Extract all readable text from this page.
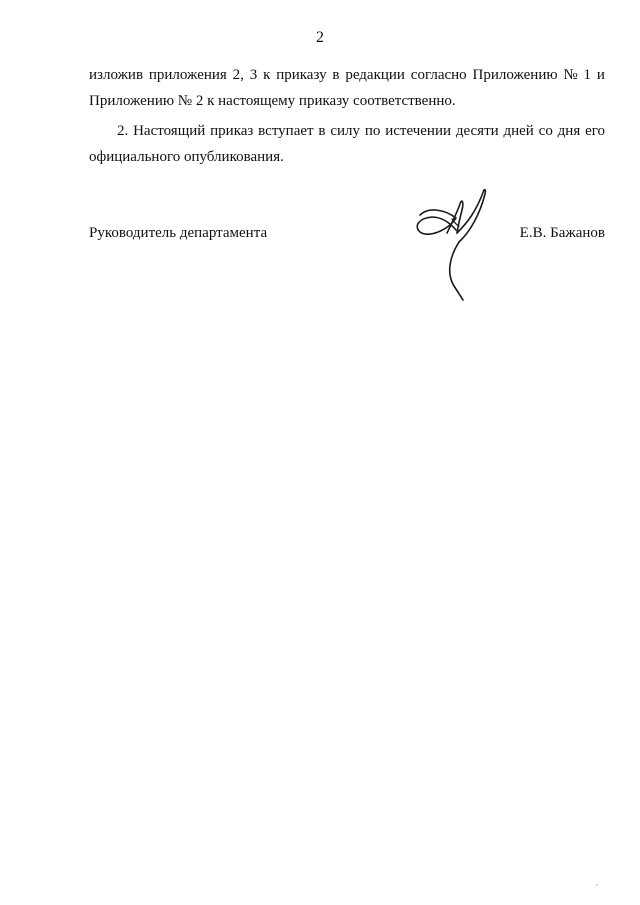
2
изложив приложения 2, 3 к приказу в редакции согласно Приложению № 1 и
Приложению № 2 к настоящему приказу соответственно.
2. Настоящий приказ вступает в силу по истечении десяти дней со дня его
официального опубликования.
Руководитель департамента	Е.В. Бажанов
